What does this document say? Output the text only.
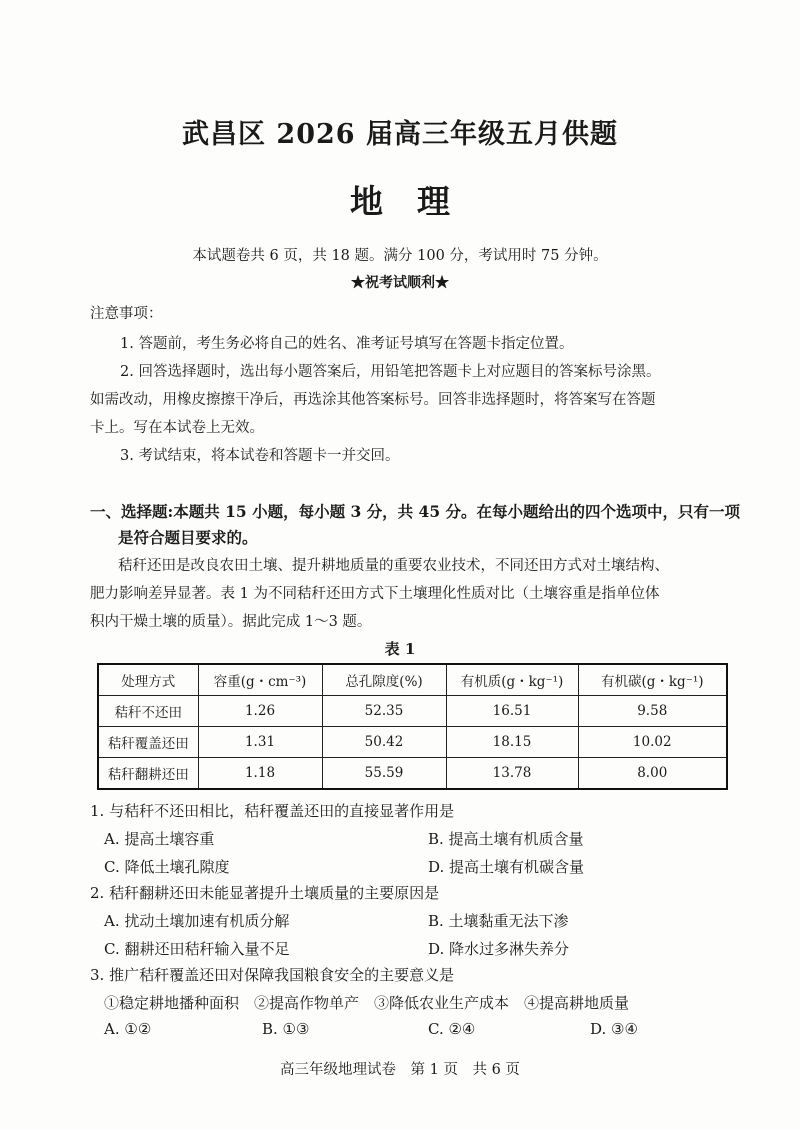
武昌区 2026 届高三年级五月供题
地理
本试题卷共 6 页，共 18 题。满分 100 分，考试用时 75 分钟。
★祝考试顺利★
注意事项：
1. 答题前，考生务必将自己的姓名、准考证号填写在答题卡指定位置。
2. 回答选择题时，选出每小题答案后，用铅笔把答题卡上对应题目的答案标号涂黑。
如需改动，用橡皮擦擦干净后，再选涂其他答案标号。回答非选择题时，将答案写在答题
卡上。写在本试卷上无效。
3. 考试结束，将本试卷和答题卡一并交回。
一、选择题:本题共 15 小题，每小题 3 分，共 45 分。在每小题给出的四个选项中，只有一项
是符合题目要求的。
秸秆还田是改良农田土壤、提升耕地质量的重要农业技术，不同还田方式对土壤结构、
肥力影响差异显著。表 1 为不同秸秆还田方式下土壤理化性质对比（土壤容重是指单位体
积内干燥土壤的质量）。据此完成 1～3 题。
表 1
处理方式	容重(g・cm⁻³)	总孔隙度(%)	有机质(g・kg⁻¹)	有机碳(g・kg⁻¹)
秸秆不还田	1.26	52.35	16.51	9.58
秸秆覆盖还田	1.31	50.42	18.15	10.02
秸秆翻耕还田	1.18	55.59	13.78	8.00
1. 与秸秆不还田相比，秸秆覆盖还田的直接显著作用是
A. 提高土壤容重	B. 提高土壤有机质含量
C. 降低土壤孔隙度	D. 提高土壤有机碳含量
2. 秸秆翻耕还田未能显著提升土壤质量的主要原因是
A. 扰动土壤加速有机质分解	B. 土壤黏重无法下渗
C. 翻耕还田秸秆输入量不足	D. 降水过多淋失养分
3. 推广秸秆覆盖还田对保障我国粮食安全的主要意义是
①稳定耕地播种面积　②提高作物单产　③降低农业生产成本　④提高耕地质量
A. ①②	B. ①③	C. ②④	D. ③④
高三年级地理试卷　第 1 页　共 6 页
